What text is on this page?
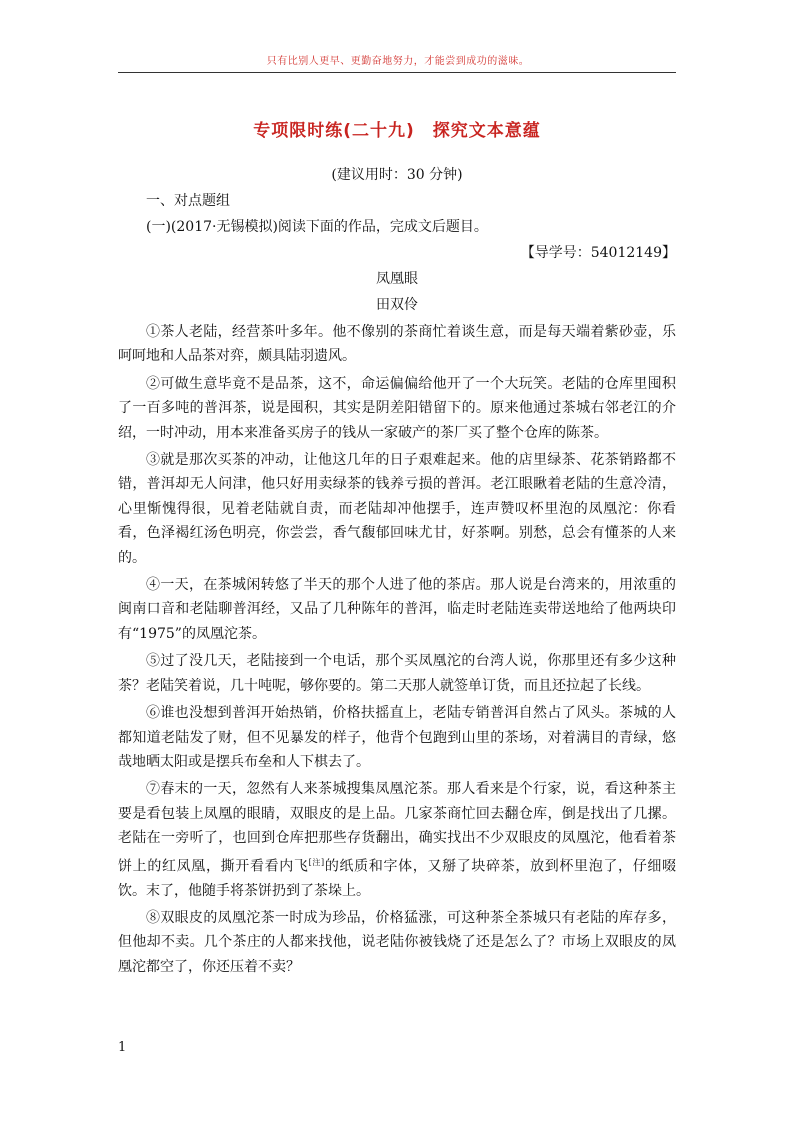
只有比别人更早、更勤奋地努力，才能尝到成功的滋味。
专项限时练(二十九)　探究文本意蕴

(建议用时：30 分钟)

一、对点题组

(一)(2017·无锡模拟)阅读下面的作品，完成文后题目。

【导学号：54012149】

凤凰眼

田双伶

①茶人老陆，经营茶叶多年。他不像别的茶商忙着谈生意，而是每天端着紫砂壶，乐呵呵地和人品茶对弈，颇具陆羽遗风。

②可做生意毕竟不是品茶，这不，命运偏偏给他开了一个大玩笑。老陆的仓库里囤积了一百多吨的普洱茶，说是囤积，其实是阴差阳错留下的。原来他通过茶城右邻老江的介绍，一时冲动，用本来准备买房子的钱从一家破产的茶厂买了整个仓库的陈茶。

③就是那次买茶的冲动，让他这几年的日子艰难起来。他的店里绿茶、花茶销路都不错，普洱却无人问津，他只好用卖绿茶的钱养亏损的普洱。老江眼瞅着老陆的生意冷清，心里惭愧得很，见着老陆就自责，而老陆却冲他摆手，连声赞叹杯里泡的凤凰沱：你看看，色泽褐红汤色明亮，你尝尝，香气馥郁回味尤甘，好茶啊。别愁，总会有懂茶的人来的。

④一天，在茶城闲转悠了半天的那个人进了他的茶店。那人说是台湾来的，用浓重的闽南口音和老陆聊普洱经，又品了几种陈年的普洱，临走时老陆连卖带送地给了他两块印有“1975”的凤凰沱茶。

⑤过了没几天，老陆接到一个电话，那个买凤凰沱的台湾人说，你那里还有多少这种茶？老陆笑着说，几十吨呢，够你要的。第二天那人就签单订货，而且还拉起了长线。

⑥谁也没想到普洱开始热销，价格扶摇直上，老陆专销普洱自然占了风头。茶城的人都知道老陆发了财，但不见暴发的样子，他背个包跑到山里的茶场，对着满目的青绿，悠哉地晒太阳或是摆兵布垒和人下棋去了。

⑦春末的一天，忽然有人来茶城搜集凤凰沱茶。那人看来是个行家，说，看这种茶主要是看包装上凤凰的眼睛，双眼皮的是上品。几家茶商忙回去翻仓库，倒是找出了几摞。老陆在一旁听了，也回到仓库把那些存货翻出，确实找出不少双眼皮的凤凰沱，他看着茶饼上的红凤凰，撕开看看内飞[注]的纸质和字体，又掰了块碎茶，放到杯里泡了，仔细啜饮。末了，他随手将茶饼扔到了茶垛上。

⑧双眼皮的凤凰沱茶一时成为珍品，价格猛涨，可这种茶全茶城只有老陆的库存多，但他却不卖。几个茶庄的人都来找他，说老陆你被钱烧了还是怎么了？市场上双眼皮的凤凰沱都空了，你还压着不卖？

1
